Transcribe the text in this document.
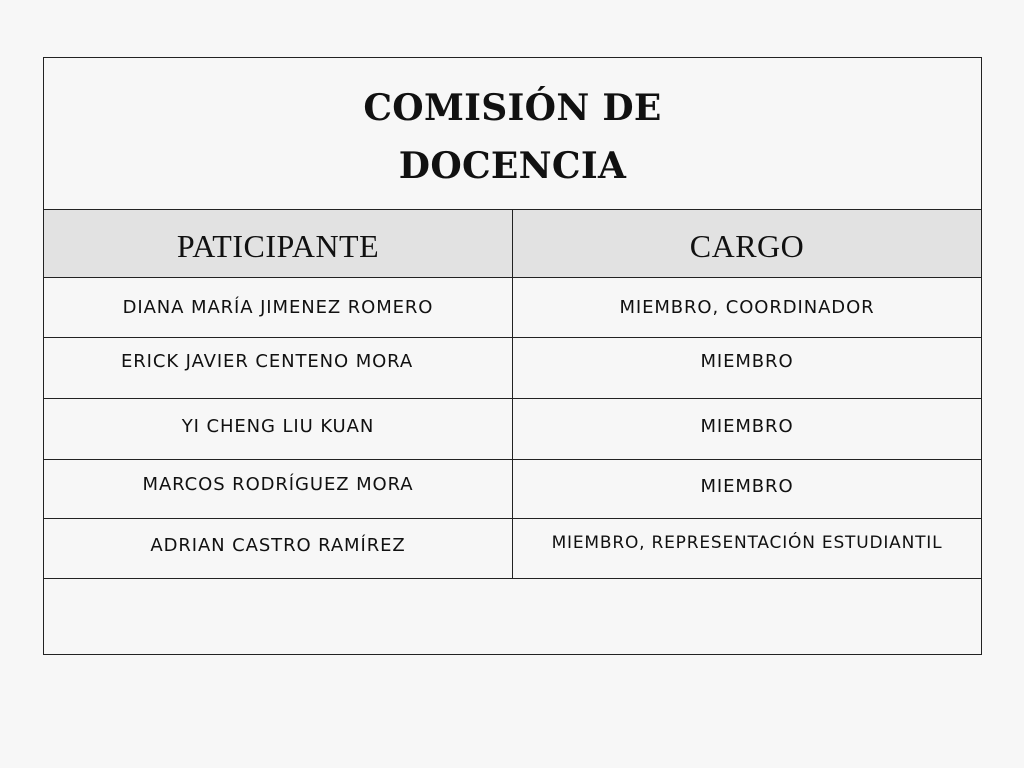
COMISIÓN DE
DOCENCIA
PATICIPANTE	CARGO
DIANA MARÍA JIMENEZ ROMERO	MIEMBRO, COORDINADOR
ERICK JAVIER CENTENO MORA	MIEMBRO
YI CHENG LIU KUAN	MIEMBRO
MARCOS RODRÍGUEZ MORA	MIEMBRO
ADRIAN CASTRO RAMÍREZ	MIEMBRO, REPRESENTACIÓN ESTUDIANTIL
